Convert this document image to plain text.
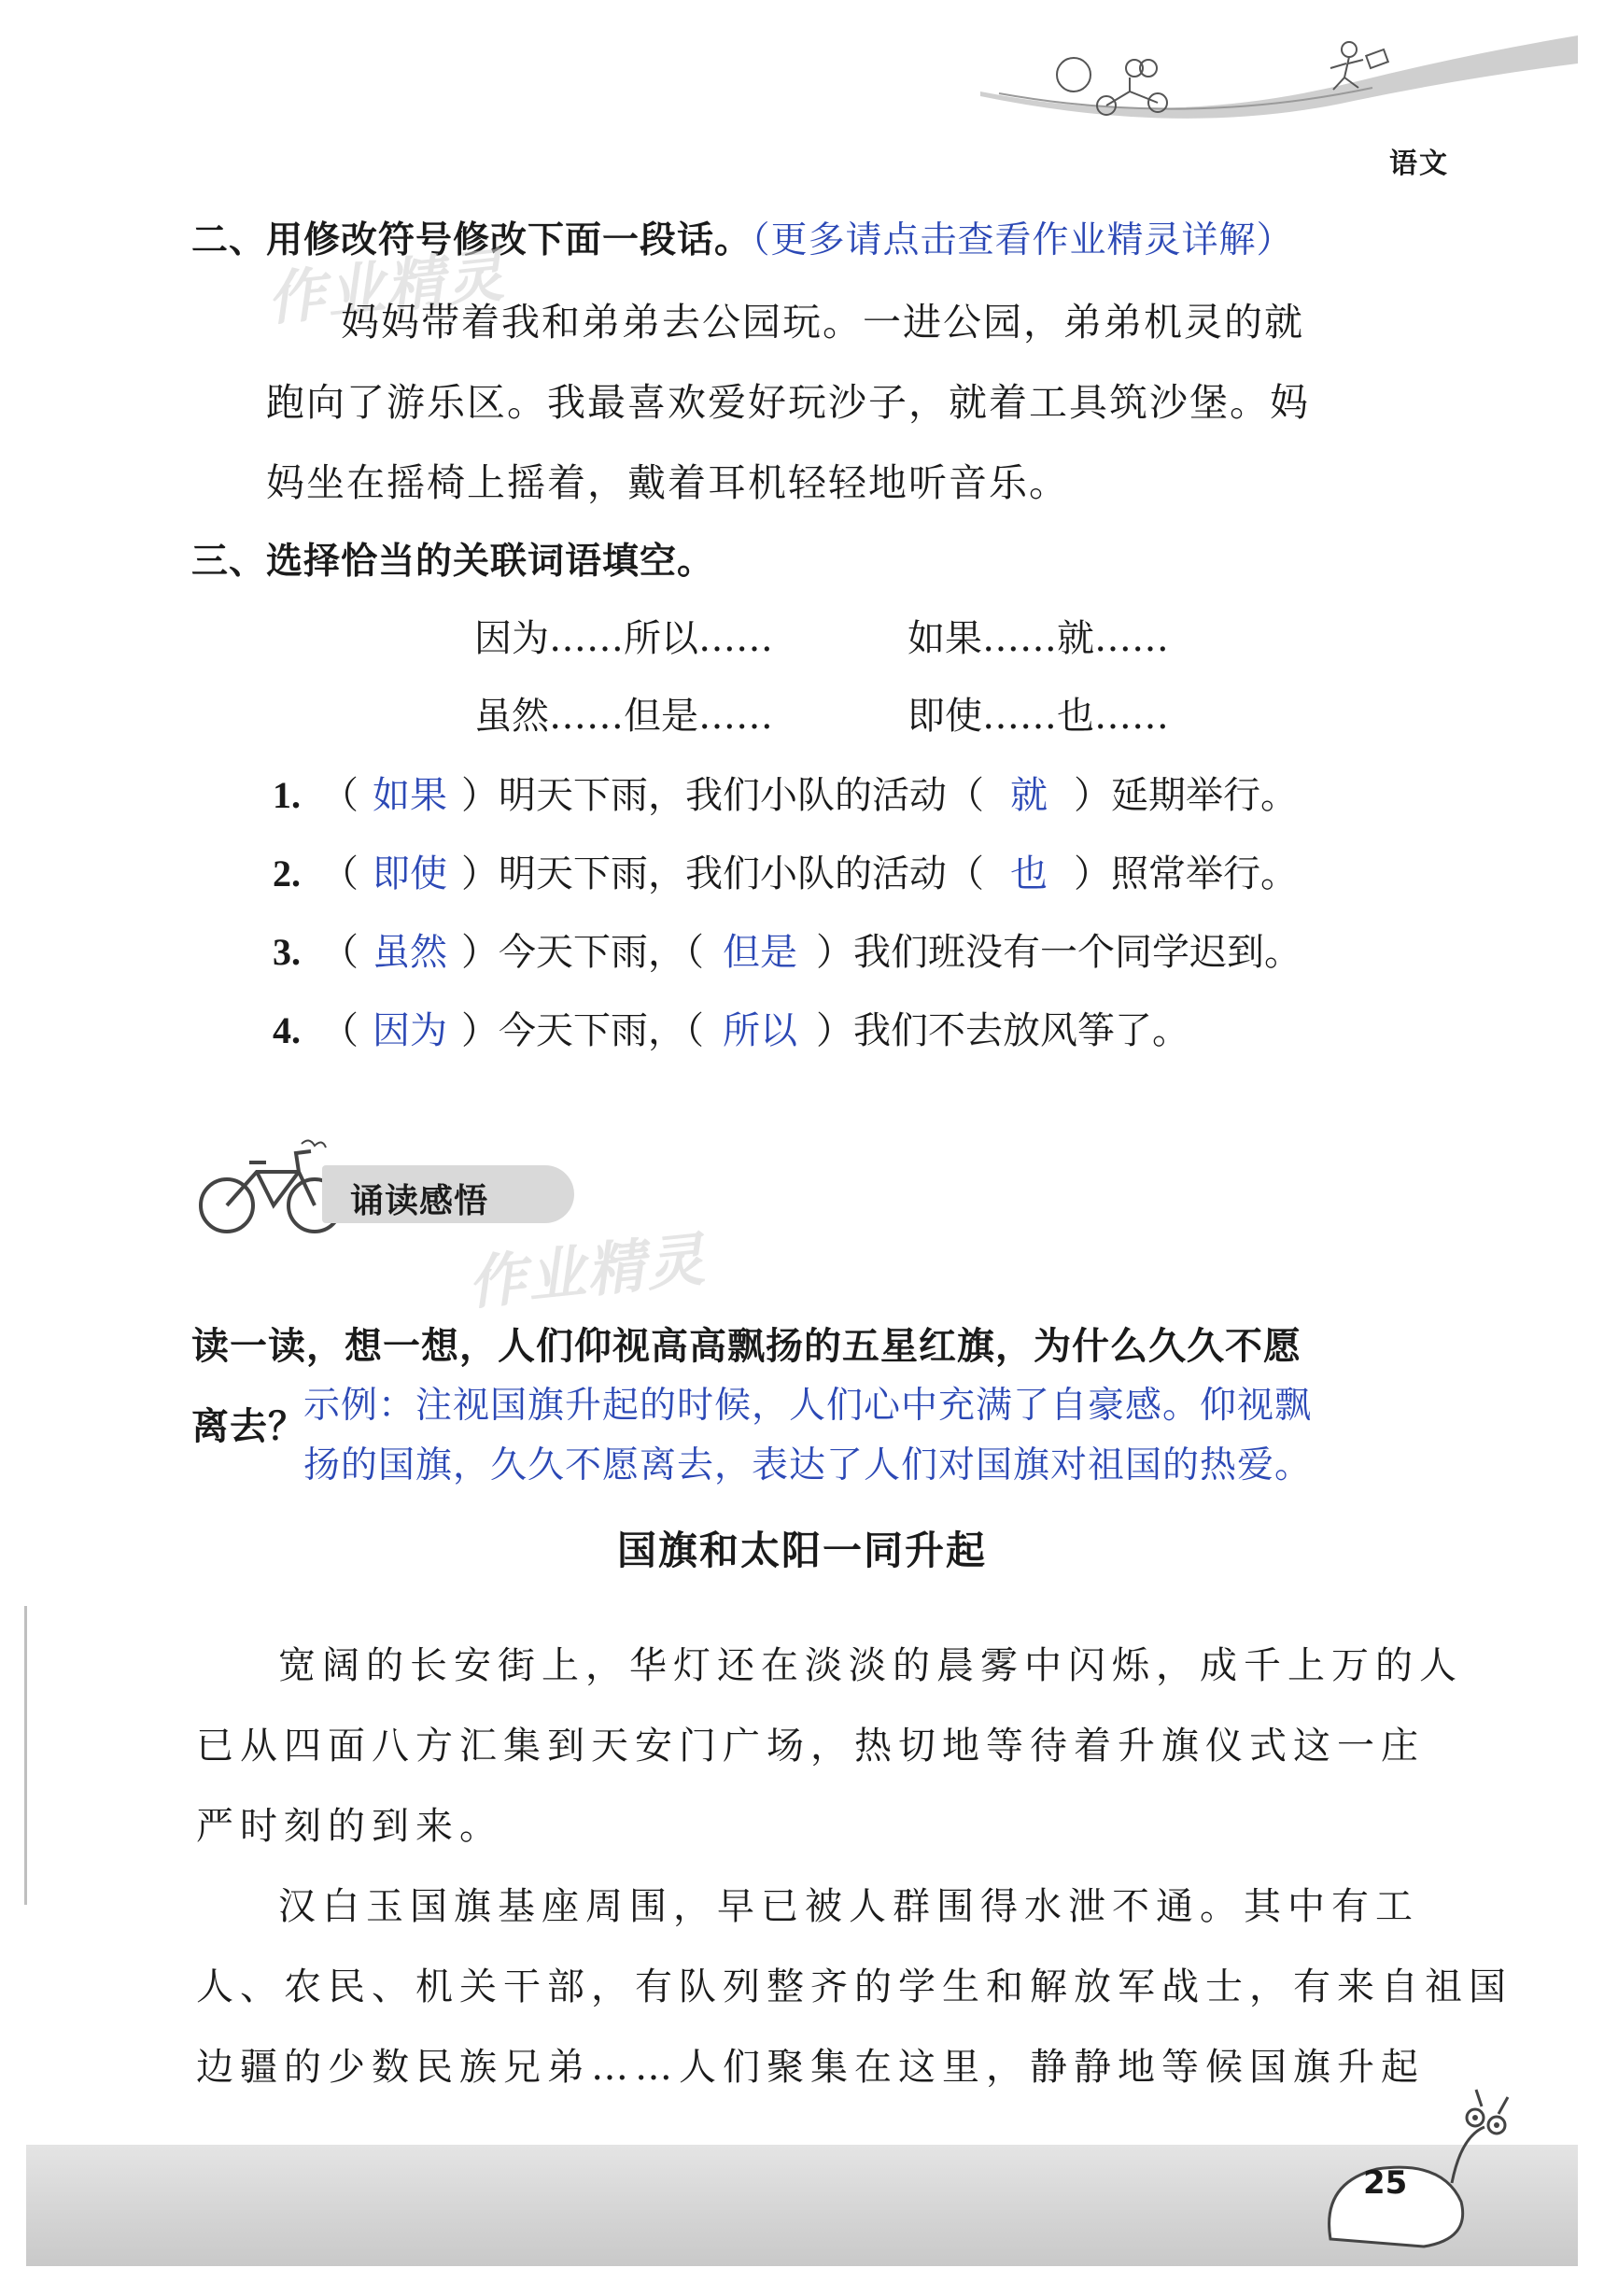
语文
二、用修改符号修改下面一段话。（更多请点击查看作业精灵详解）
作业精灵
妈妈带着我和弟弟去公园玩。一进公园，弟弟机灵的就
跑向了游乐区。我最喜欢爱好玩沙子，就着工具筑沙堡。妈
妈坐在摇椅上摇着，戴着耳机轻轻地听音乐。
三、选择恰当的关联词语填空。
因为……所以……	如果……就……
虽然……但是……	即使……也……
1. （ 如果 ）明天下雨，我们小队的活动（ 就 ）延期举行。
2. （ 即使 ）明天下雨，我们小队的活动（ 也 ）照常举行。
3. （ 虽然 ）今天下雨，（ 但是 ）我们班没有一个同学迟到。
4. （ 因为 ）今天下雨，（ 所以 ）我们不去放风筝了。
诵读感悟
作业精灵
读一读，想一想，人们仰视高高飘扬的五星红旗，为什么久久不愿
离去？
示例：注视国旗升起的时候，人们心中充满了自豪感。仰视飘
扬的国旗，久久不愿离去，表达了人们对国旗对祖国的热爱。
国旗和太阳一同升起
宽阔的长安街上，华灯还在淡淡的晨雾中闪烁，成千上万的人
已从四面八方汇集到天安门广场，热切地等待着升旗仪式这一庄
严时刻的到来。
汉白玉国旗基座周围，早已被人群围得水泄不通。其中有工
人、农民、机关干部，有队列整齐的学生和解放军战士，有来自祖国
边疆的少数民族兄弟……人们聚集在这里，静静地等候国旗升起
25
